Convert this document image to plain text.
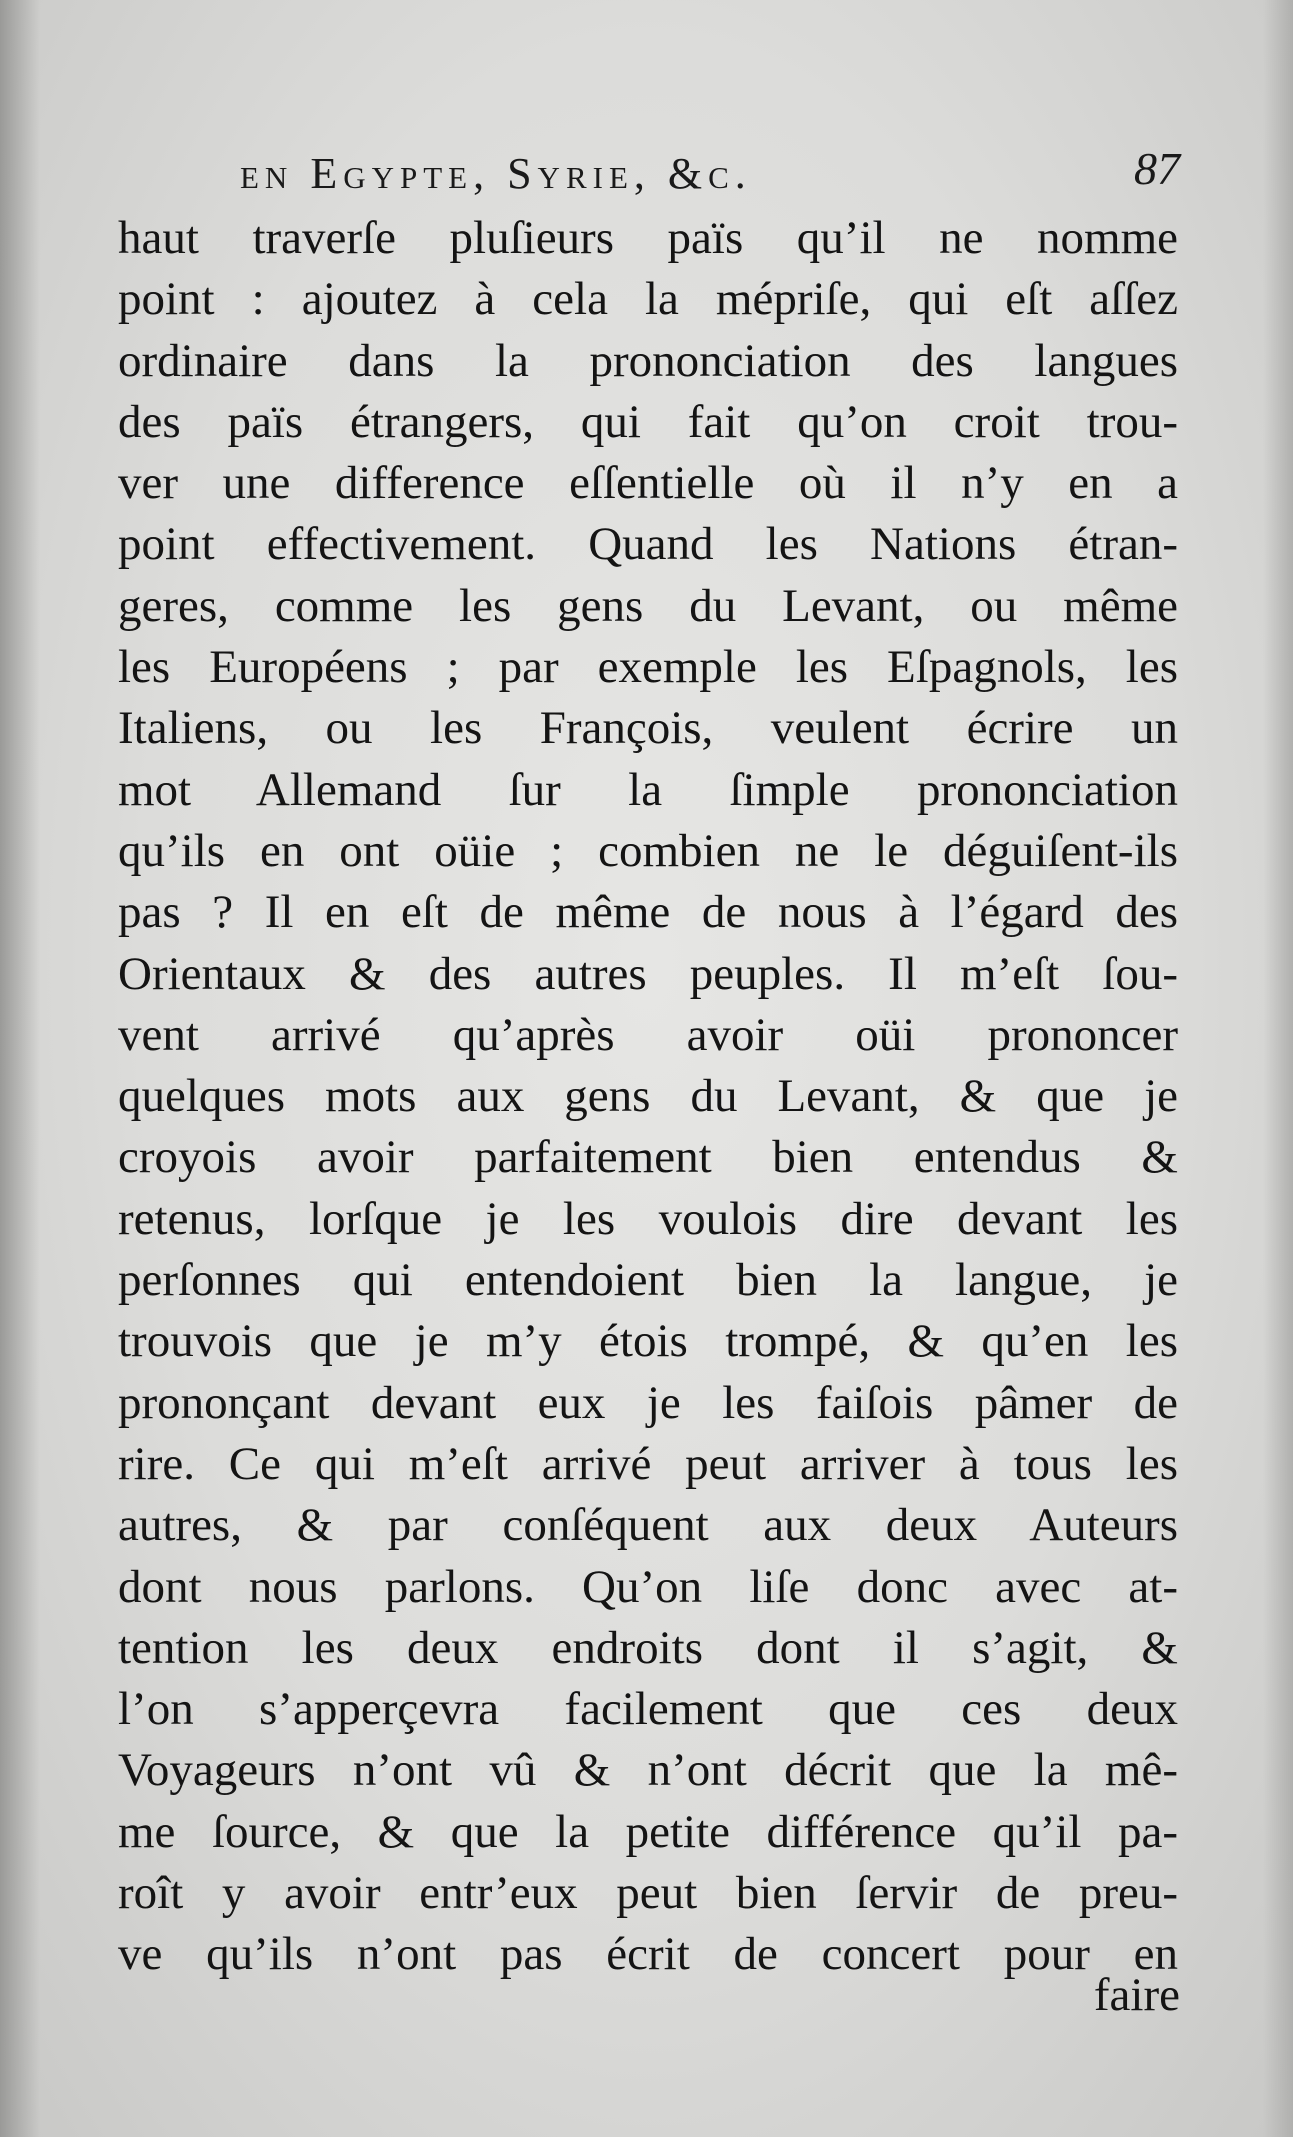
en Egypte, Syrie, &c.	87
haut traverſe pluſieurs païs qu’il ne nomme
point : ajoutez à cela la mépriſe, qui eſt aſſez
ordinaire dans la prononciation des langues
des païs étrangers, qui fait qu’on croit trou-
ver une difference eſſentielle où il n’y en a
point effectivement. Quand les Nations étran-
geres, comme les gens du Levant, ou même
les Européens ; par exemple les Eſpagnols, les
Italiens, ou les François, veulent écrire un
mot Allemand ſur la ſimple prononciation
qu’ils en ont oüie ; combien ne le déguiſent-ils
pas ? Il en eſt de même de nous à l’égard des
Orientaux & des autres peuples. Il m’eſt ſou-
vent arrivé qu’après avoir oüi prononcer
quelques mots aux gens du Levant, & que je
croyois avoir parfaitement bien entendus &
retenus, lorſque je les voulois dire devant les
perſonnes qui entendoient bien la langue, je
trouvois que je m’y étois trompé, & qu’en les
prononçant devant eux je les faiſois pâmer de
rire. Ce qui m’eſt arrivé peut arriver à tous les
autres, & par conſéquent aux deux Auteurs
dont nous parlons. Qu’on liſe donc avec at-
tention les deux endroits dont il s’agit, &
l’on s’apperçevra facilement que ces deux
Voyageurs n’ont vû & n’ont décrit que la mê-
me ſource, & que la petite différence qu’il pa-
roît y avoir entr’eux peut bien ſervir de preu-
ve qu’ils n’ont pas écrit de concert pour en
faire
